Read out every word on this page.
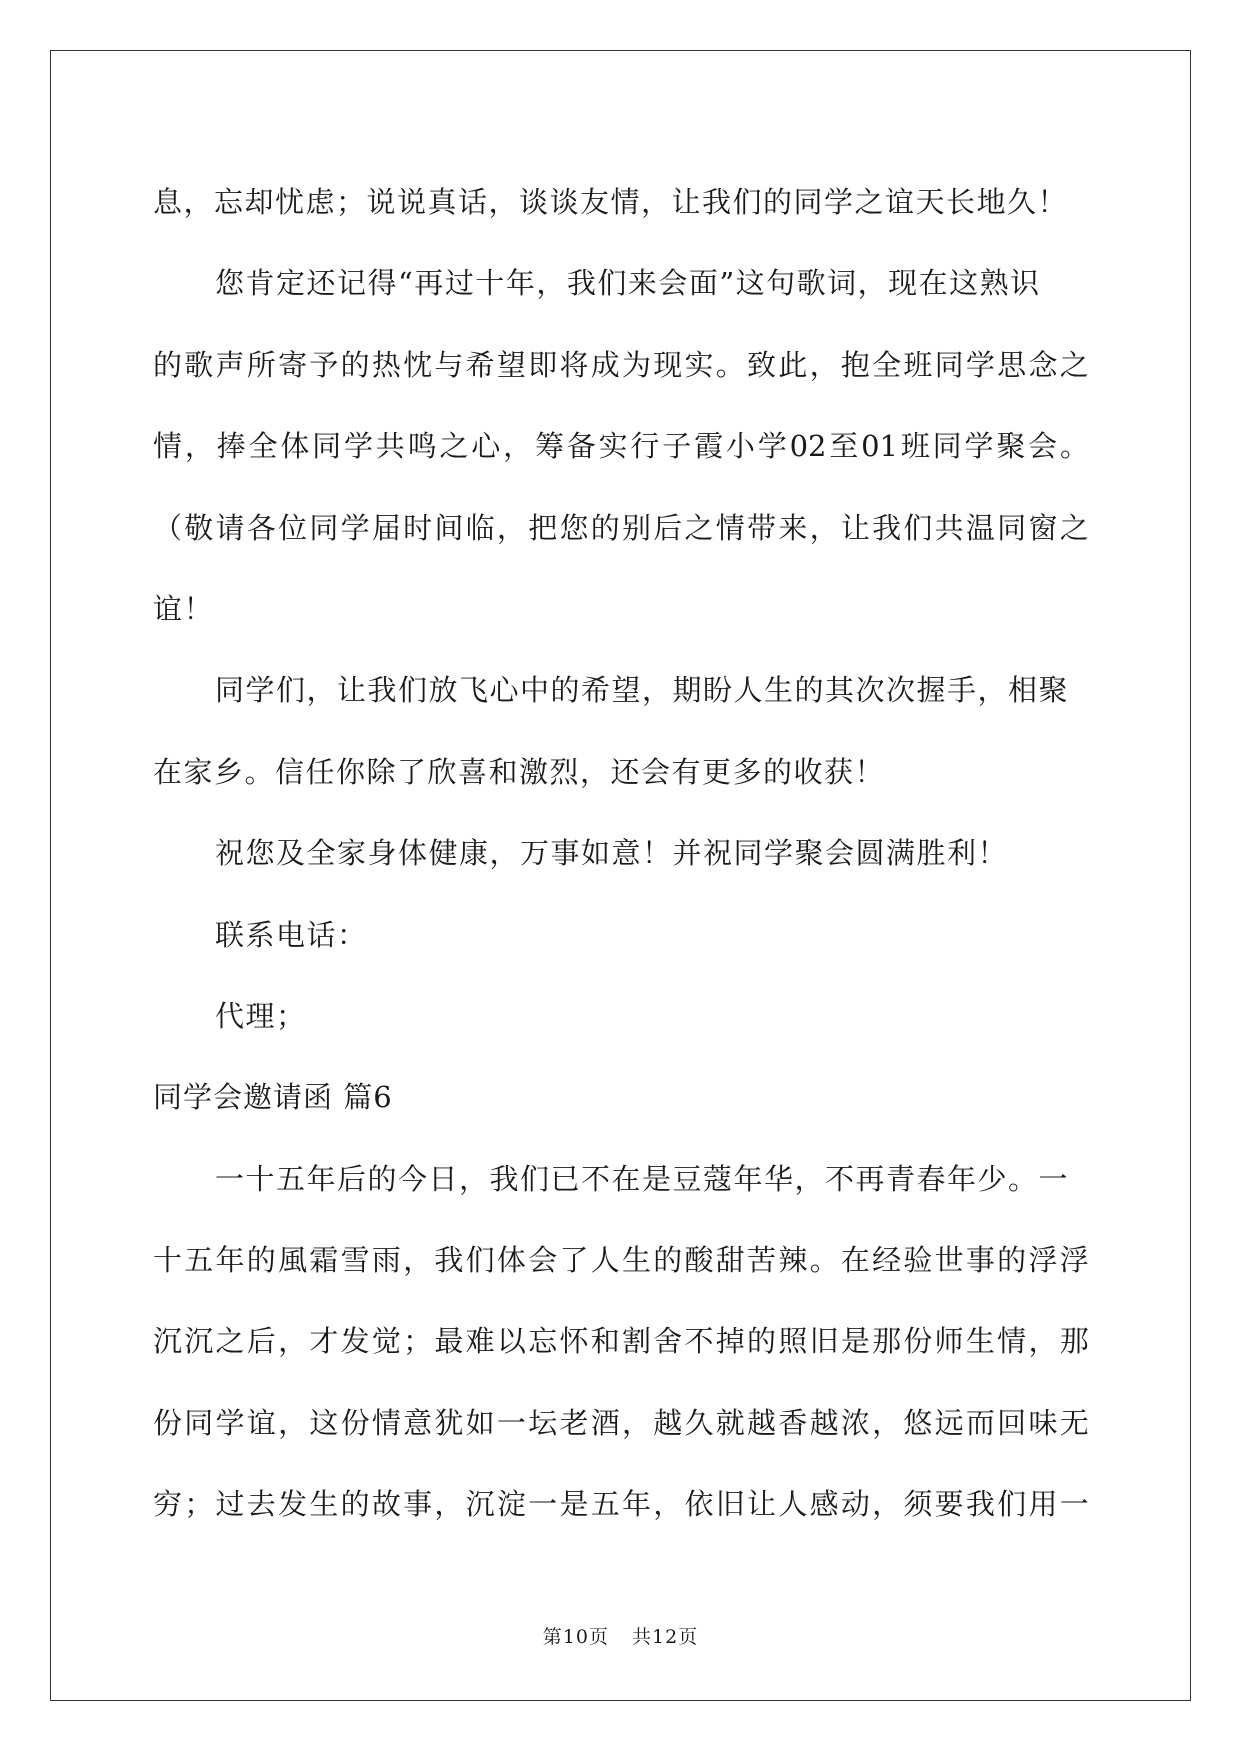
息，忘却忧虑；说说真话，谈谈友情，让我们的同学之谊天长地久！
您肯定还记得“再过十年，我们来会面”这句歌词，现在这熟识
的 歌 声 所 寄 予 的 热 忱 与 希 望 即 将 成 为 现 实 。 致 此 ， 抱 全 班 同 学 思 念 之
情 ， 捧 全 体 同 学 共 鸣 之 心 ， 筹 备 实 行 子 霞 小 学 02 至 01 班 同 学 聚 会 。
（ 敬 请 各 位 同 学 届 时 间 临 ， 把 您 的 别 后 之 情 带 来 ， 让 我 们 共 温 同 窗 之
谊！
同学们，让我们放飞心中的希望，期盼人生的其次次握手，相聚
在家乡。信任你除了欣喜和激烈，还会有更多的收获！
祝您及全家身体健康，万事如意！并祝同学聚会圆满胜利！
联系电话：
代理；
同学会邀请函 篇6
一十五年后的今日，我们已不在是豆蔻年华，不再青春年少。一
十 五 年 的 風 霜 雪 雨 ， 我 们 体 会 了 人 生 的 酸 甜 苦 辣 。 在 经 验 世 事 的 浮 浮
沉 沉 之 后 ， 才 发 觉 ； 最 难 以 忘 怀 和 割 舍 不 掉 的 照 旧 是 那 份 师 生 情 ， 那
份 同 学 谊 ， 这 份 情 意 犹 如 一 坛 老 酒 ， 越 久 就 越 香 越 浓 ， 悠 远 而 回 味 无
穷 ； 过 去 发 生 的 故 事 ， 沉 淀 一 是 五 年 ， 依 旧 让 人 感 动 ， 须 要 我 们 用 一
第10页 共12页
